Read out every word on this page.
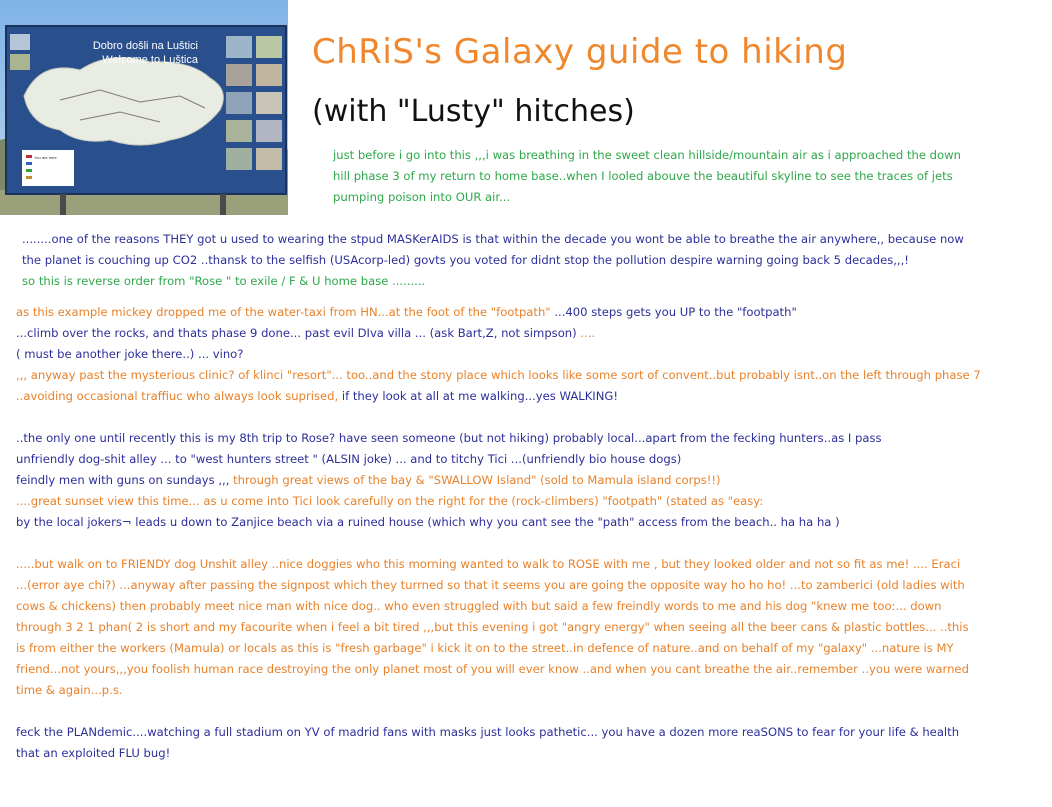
Dobro došli na Luštici
Welcome to Luštica
You are here
ChRiS's Galaxy guide to hiking
(with "Lusty" hitches)
just before i go into this ,,,i was breathing in the sweet clean hillside/mountain air as i approached the down
hill phase 3 of my return to home base..when I looled abouve the beautiful skyline to see the traces of jets
pumping poison into OUR air...
........one of the reasons THEY got u used to wearing the stpud MASKerAIDS is that within the decade you wont be able to breathe the air anywhere,, because now
the planet is couching up CO2 ..thansk to the selfish (USAcorp-led) govts you voted for didnt stop the pollution despire warning going back 5 decades,,,!
so this is reverse order from "Rose " to exile / F & U home base .........
as this example mickey dropped me of the water-taxi from HN...at the foot of the "footpath" ...400 steps gets you UP to the "footpath"
...climb over the rocks, and thats phase 9 done... past evil DIva villa ... (ask Bart,Z, not simpson) ....
( must be another joke there..) ... vino?
,,, anyway past the mysterious clinic? of klinci "resort"... too..and the stony place which looks like some sort of convent..but probably isnt..on the left through phase 7
..avoiding occasional traffiuc who always look suprised, if they look at all at me walking...yes WALKING!
..the only one until recently this is my 8th trip to Rose? have seen someone (but not hiking) probably local...apart from the fecking hunters..as I pass
unfriendly dog-shit alley ... to "west hunters street " (ALSIN joke) ... and to titchy Tici ...(unfriendly bio house dogs)
feindly men with guns on sundays ,,, through great views of the bay & "SWALLOW Island" (sold to Mamula island corps!!)
....great sunset view this time... as u come into Tici look carefully on the right for the (rock-climbers) "footpath" (stated as "easy:
by the local jokers¬ leads u down to Zanjice beach via a ruined house (which why you cant see the "path" access from the beach.. ha ha ha )
.....but walk on to FRIENDY dog Unshit alley ..nice doggies who this morning wanted to walk to ROSE with me , but they looked older and not so fit as me! .... Eraci
...(error aye chi?) ...anyway after passing the signpost which they turrned so that it seems you are going the opposite way ho ho ho! ...to zamberici (old ladies with
cows & chickens) then probably meet nice man with nice dog.. who even struggled with but said a few freindly words to me and his dog "knew me too:... down
through 3 2 1 phan( 2 is short and my facourite when i feel a bit tired ,,,but this evening i got "angry energy" when seeing all the beer cans & plastic bottles... ..this
is from either the workers (Mamula) or locals as this is "fresh garbage" i kick it on to the street..in defence of nature..and on behalf of my "galaxy" ...nature is MY
friend...not yours,,,you foolish human race destroying the only planet most of you will ever know ..and when you cant breathe the air..remember ..you were warned
time & again...p.s.
feck the PLANdemic....watching a full stadium on YV of madrid fans with masks just looks pathetic... you have a dozen more reaSONS to fear for your life & health
that an exploited FLU bug!
